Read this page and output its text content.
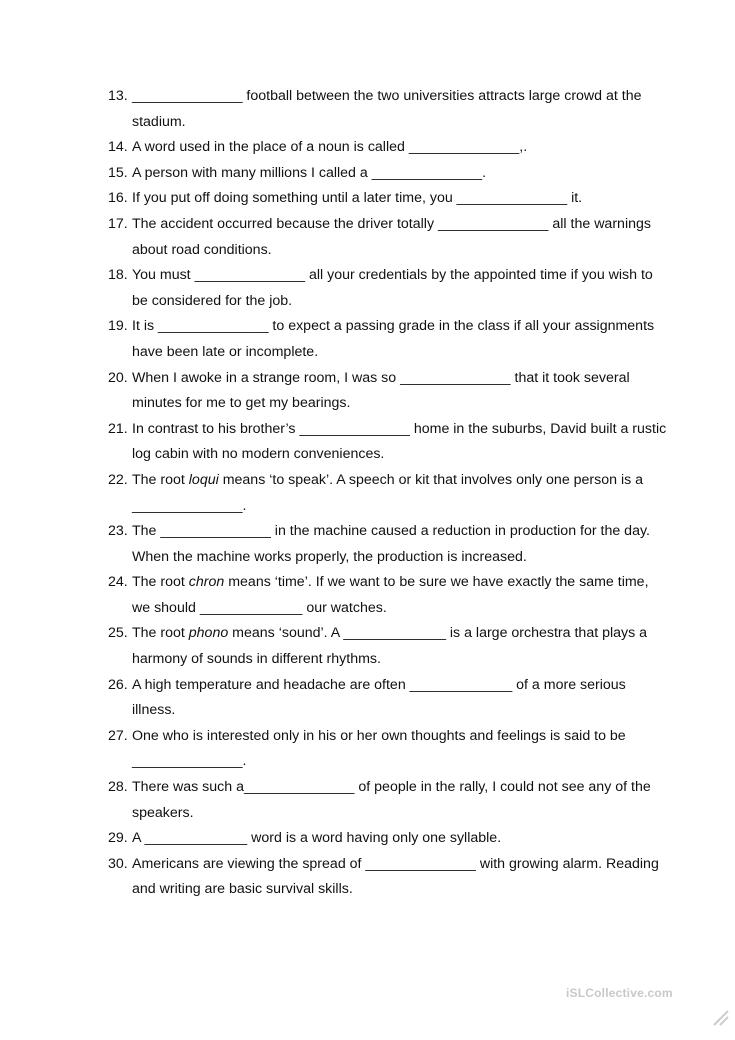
13. ______________ football between the two universities attracts large crowd at the stadium.
14. A word used in the place of a noun is called ______________,.
15. A person with many millions I called a ______________.
16. If you put off doing something until a later time, you ______________ it.
17. The accident occurred because the driver totally ______________ all the warnings about road conditions.
18. You must ______________ all your credentials by the appointed time if you wish to be considered for the job.
19. It is ______________ to expect a passing grade in the class if all your assignments have been late or incomplete.
20. When I awoke in a strange room, I was so ______________ that it took several minutes for me to get my bearings.
21. In contrast to his brother’s ______________ home in the suburbs, David built a rustic log cabin with no modern conveniences.
22. The root loqui means ‘to speak’. A speech or kit that involves only one person is a ______________.
23. The ______________ in the machine caused a reduction in production for the day. When the machine works properly, the production is increased.
24. The root chron means ‘time’. If we want to be sure we have exactly the same time, we should _____________ our watches.
25. The root phono means ‘sound’. A _____________ is a large orchestra that plays a harmony of sounds in different rhythms.
26. A high temperature and headache are often _____________ of a more serious illness.
27. One who is interested only in his or her own thoughts and feelings is said to be ______________.
28. There was such a______________ of people in the rally, I could not see any of the speakers.
29. A _____________ word is a word having only one syllable.
30. Americans are viewing the spread of ______________ with growing alarm. Reading and writing are basic survival skills.
iSLCollective.com
